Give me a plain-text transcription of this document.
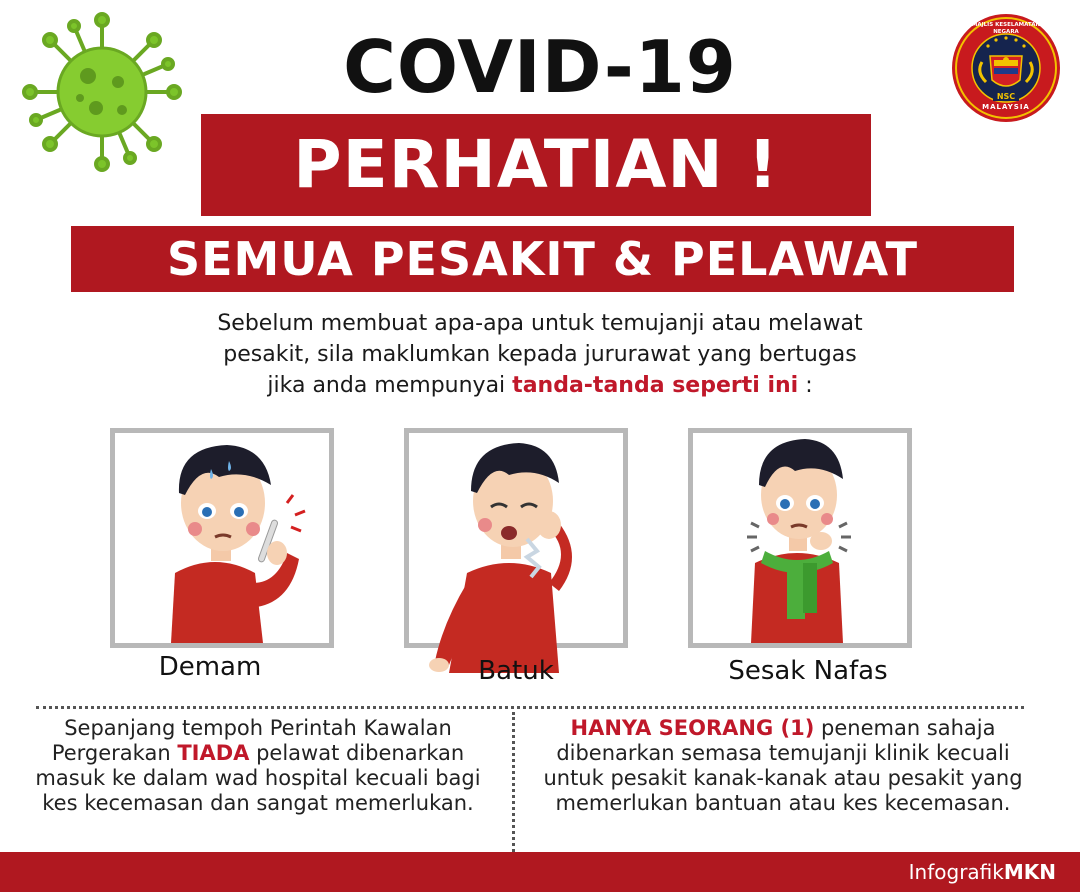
NSC
MALAYSIA
MAJLIS KESELAMATAN NEGARA
COVID-19
PERHATIAN !
SEMUA PESAKIT & PELAWAT
Sebelum membuat apa-apa untuk temujanji atau melawat
pesakit, sila maklumkan kepada jururawat yang bertugas
jika anda mempunyai tanda-tanda seperti ini :
Demam	Batuk	Sesak Nafas
Sepanjang tempoh Perintah Kawalan Pergerakan TIADA pelawat dibenarkan masuk ke dalam wad hospital kecuali bagi kes kecemasan dan sangat memerlukan.
HANYA SEORANG (1) peneman sahaja dibenarkan semasa temujanji klinik kecuali untuk pesakit kanak-kanak atau pesakit yang memerlukan bantuan atau kes kecemasan.
InfografikMKN
